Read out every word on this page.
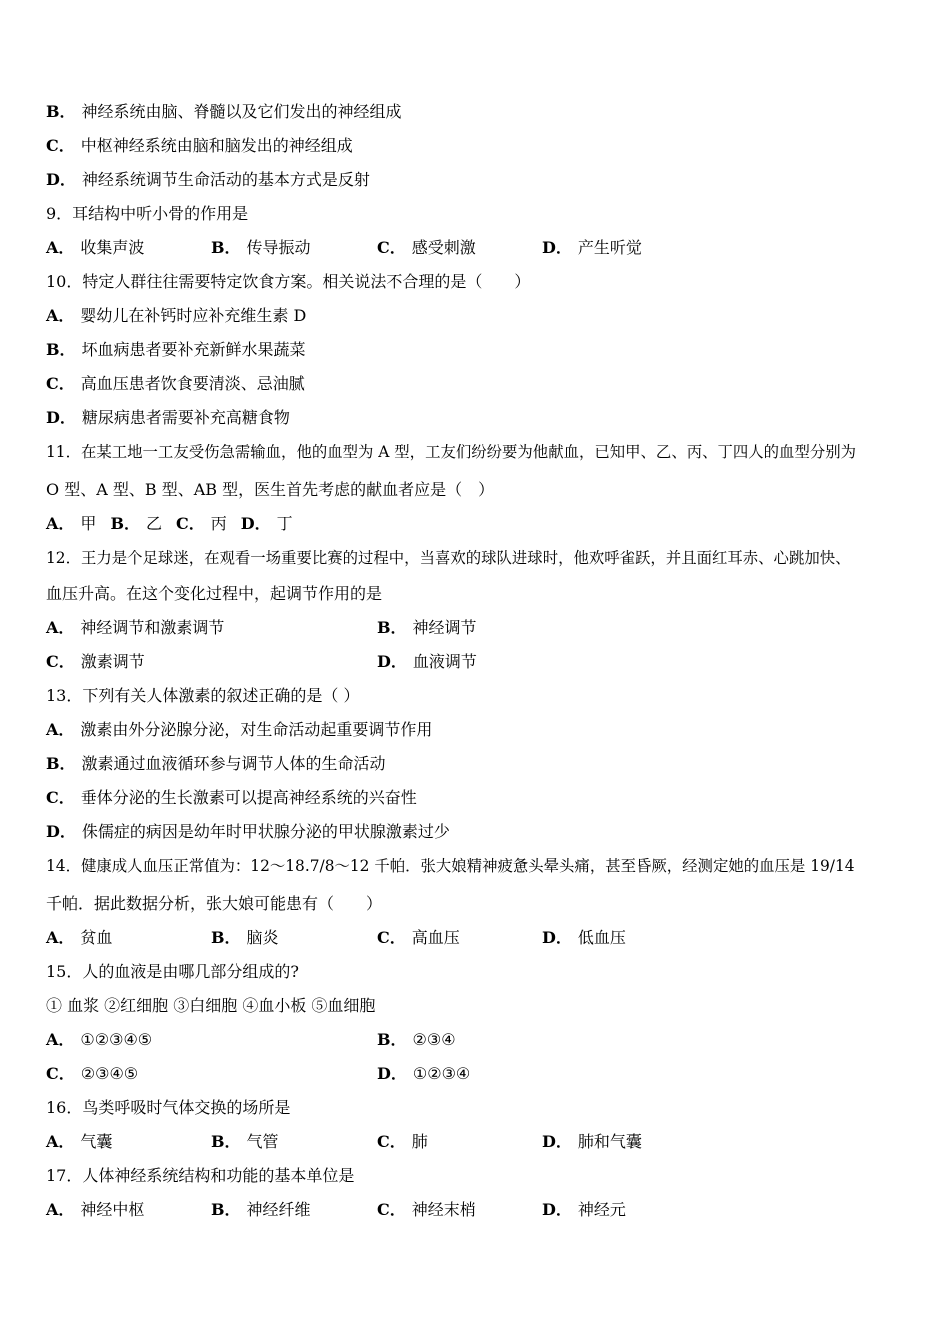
B． 神经系统由脑、脊髓以及它们发出的神经组成
C． 中枢神经系统由脑和脑发出的神经组成
D． 神经系统调节生命活动的基本方式是反射
9．耳结构中听小骨的作用是
A． 收集声波	B． 传导振动	C． 感受刺激	D． 产生听觉
10．特定人群往往需要特定饮食方案。相关说法不合理的是（　　）
A． 婴幼儿在补钙时应补充维生素 D
B． 坏血病患者要补充新鲜水果蔬菜
C． 高血压患者饮食要清淡、忌油腻
D． 糖尿病患者需要补充高糖食物
11．在某工地一工友受伤急需输血，他的血型为 A 型，工友们纷纷要为他献血，已知甲、乙、丙、丁四人的血型分别为
O 型、A 型、B 型、AB 型，医生首先考虑的献血者应是（　）
A． 甲 B． 乙 C． 丙 D． 丁
12．王力是个足球迷，在观看一场重要比赛的过程中，当喜欢的球队进球时，他欢呼雀跃，并且面红耳赤、心跳加快、
血压升高。在这个变化过程中，起调节作用的是
A． 神经调节和激素调节	B． 神经调节
C． 激素调节	D． 血液调节
13．下列有关人体激素的叙述正确的是（ ）
A． 激素由外分泌腺分泌，对生命活动起重要调节作用
B． 激素通过血液循环参与调节人体的生命活动
C． 垂体分泌的生长激素可以提高神经系统的兴奋性
D． 侏儒症的病因是幼年时甲状腺分泌的甲状腺激素过少
14．健康成人血压正常值为：12～18.7/8～12 千帕．张大娘精神疲惫头晕头痛，甚至昏厥，经测定她的血压是 19/14
千帕．据此数据分析，张大娘可能患有（　　）
A． 贫血	B． 脑炎	C． 高血压	D． 低血压
15．人的血液是由哪几部分组成的?
① 血浆 ②红细胞 ③白细胞 ④血小板 ⑤血细胞
A． ①②③④⑤	B． ②③④
C． ②③④⑤	D． ①②③④
16．鸟类呼吸时气体交换的场所是
A． 气囊	B． 气管	C． 肺	D． 肺和气囊
17．人体神经系统结构和功能的基本单位是
A． 神经中枢	B． 神经纤维	C． 神经末梢	D． 神经元
